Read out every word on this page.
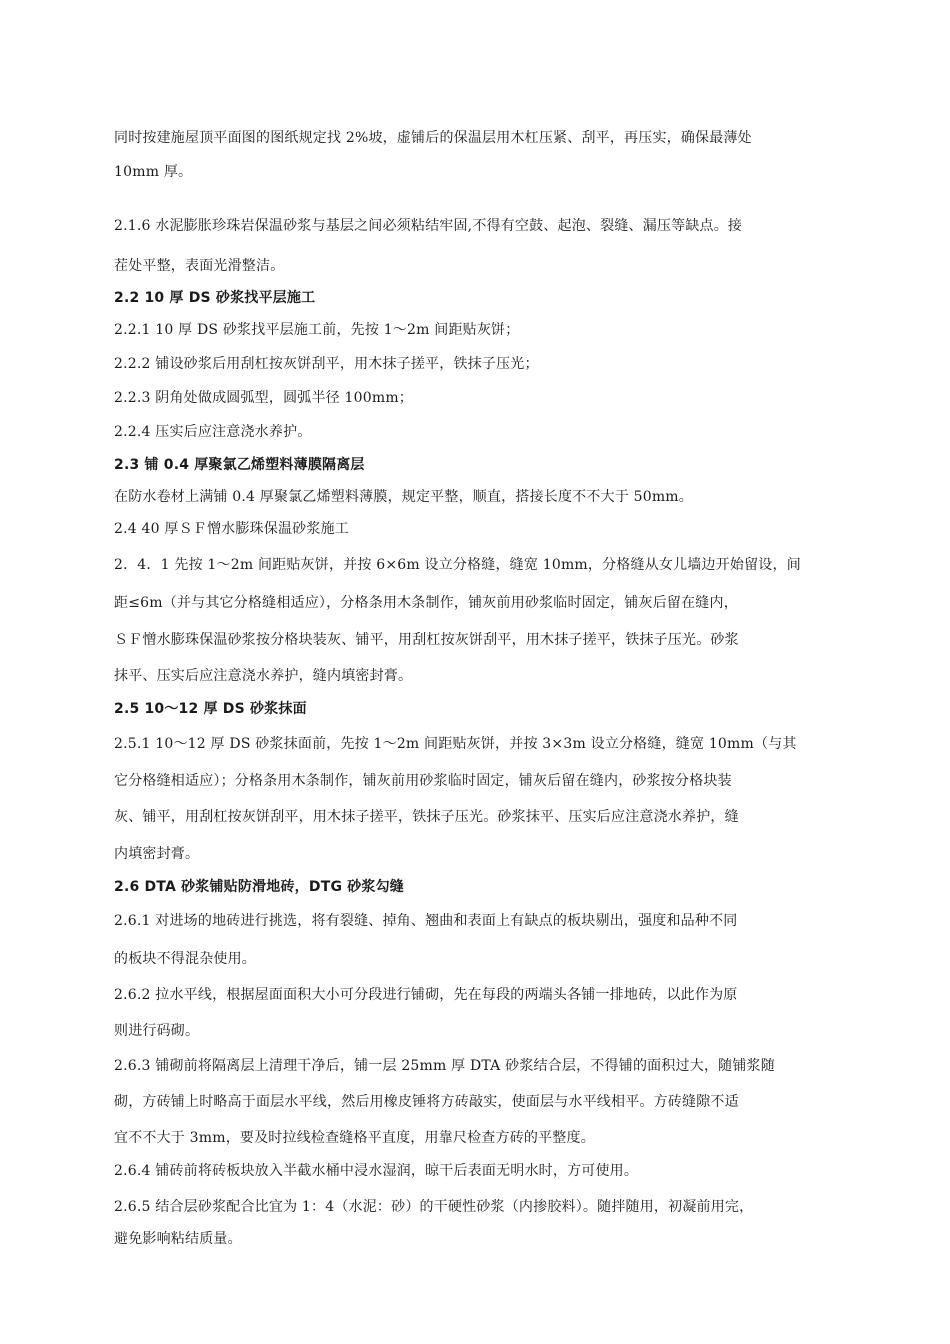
同时按建施屋顶平面图的图纸规定找 2%坡，虚铺后的保温层用木杠压紧、刮平，再压实，确保最薄处
10mm 厚。
2.1.6 水泥膨胀珍珠岩保温砂浆与基层之间必须粘结牢固,不得有空鼓、起泡、裂缝、漏压等缺点。接
茬处平整，表面光滑整洁。
2.2 10 厚 DS 砂浆找平层施工
2.2.1 10 厚 DS 砂浆找平层施工前，先按 1～2m 间距贴灰饼；
2.2.2 铺设砂浆后用刮杠按灰饼刮平，用木抹子搓平，铁抹子压光；
2.2.3 阴角处做成圆弧型，圆弧半径 100mm；
2.2.4 压实后应注意浇水养护。
2.3 铺 0.4 厚聚氯乙烯塑料薄膜隔离层
在防水卷材上满铺 0.4 厚聚氯乙烯塑料薄膜，规定平整，顺直，搭接长度不不大于 50mm。
2.4 40 厚ＳＦ憎水膨珠保温砂浆施工
2．4．1 先按 1～2m 间距贴灰饼，并按 6×6m 设立分格缝，缝宽 10mm，分格缝从女儿墙边开始留设，间
距≤6m（并与其它分格缝相适应），分格条用木条制作，铺灰前用砂浆临时固定，铺灰后留在缝内，
ＳＦ憎水膨珠保温砂浆按分格块装灰、铺平，用刮杠按灰饼刮平，用木抹子搓平，铁抹子压光。砂浆
抹平、压实后应注意浇水养护，缝内填密封膏。
2.5 10～12 厚 DS 砂浆抹面
2.5.1 10～12 厚 DS 砂浆抹面前，先按 1～2m 间距贴灰饼，并按 3×3m 设立分格缝，缝宽 10mm（与其
它分格缝相适应）；分格条用木条制作，铺灰前用砂浆临时固定，铺灰后留在缝内，砂浆按分格块装
灰、铺平，用刮杠按灰饼刮平，用木抹子搓平，铁抹子压光。砂浆抹平、压实后应注意浇水养护，缝
内填密封膏。
2.6 DTA 砂浆铺贴防滑地砖，DTG 砂浆勾缝
2.6.1 对进场的地砖进行挑选，将有裂缝、掉角、翘曲和表面上有缺点的板块剔出，强度和品种不同
的板块不得混杂使用。
2.6.2 拉水平线，根据屋面面积大小可分段进行铺砌，先在每段的两端头各铺一排地砖，以此作为原
则进行码砌。
2.6.3 铺砌前将隔离层上清理干净后，铺一层 25mm 厚 DTA 砂浆结合层，不得铺的面积过大，随铺浆随
砌，方砖铺上时略高于面层水平线，然后用橡皮锤将方砖敲实，使面层与水平线相平。方砖缝隙不适
宜不不大于 3mm，要及时拉线检查缝格平直度，用靠尺检查方砖的平整度。
2.6.4 铺砖前将砖板块放入半截水桶中浸水湿润，晾干后表面无明水时，方可使用。
2.6.5 结合层砂浆配合比宜为 1：4（水泥：砂）的干硬性砂浆（内掺胶料）。随拌随用，初凝前用完，
避免影响粘结质量。
